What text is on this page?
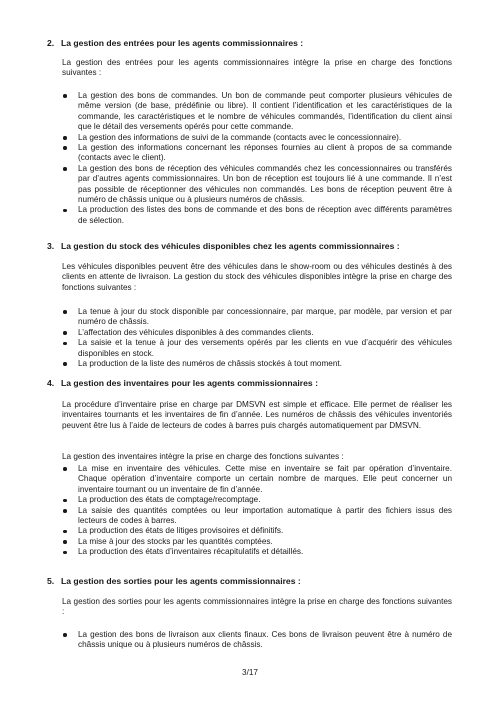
2. La gestion des entrées pour les agents commissionnaires :
La gestion des entrées pour les agents commissionnaires intègre la prise en charge des fonctions suivantes :
La gestion des bons de commandes. Un bon de commande peut comporter plusieurs véhicules de même version (de base, prédéfinie ou libre). Il contient l’identification et les caractéristiques de la commande, les caractéristiques et le nombre de véhicules commandés, l’identification du client ainsi que le détail des versements opérés pour cette commande.
La gestion des informations de suivi de la commande (contacts avec le concessionnaire).
La gestion des informations concernant les réponses fournies au client à propos de sa commande (contacts avec le client).
La gestion des bons de réception des véhicules commandés chez les concessionnaires ou transférés par d’autres agents commissionnaires. Un bon de réception est toujours lié à une commande. Il n’est pas possible de réceptionner des véhicules non commandés. Les bons de réception peuvent être à numéro de châssis unique ou à plusieurs numéros de châssis.
La production des listes des bons de commande et des bons de réception avec différents paramètres de sélection.
3. La gestion du stock des véhicules disponibles chez les agents commissionnaires :
Les véhicules disponibles peuvent être des véhicules dans le show-room ou des véhicules destinés à des clients en attente de livraison. La gestion du stock des véhicules disponibles intègre la prise en charge des fonctions suivantes :
La tenue à jour du stock disponible par concessionnaire, par marque, par modèle, par version et par numéro de châssis.
L’affectation des véhicules disponibles à des commandes clients.
La saisie et la tenue à jour des versements opérés par les clients en vue d’acquérir des véhicules disponibles en stock.
La production de la liste des numéros de châssis stockés à tout moment.
4. La gestion des inventaires pour les agents commissionnaires :
La procédure d’inventaire prise en charge par DMSVN est simple et efficace. Elle permet de réaliser les inventaires tournants et les inventaires de fin d’année. Les numéros de châssis des véhicules inventoriés peuvent être lus à l’aide de lecteurs de codes à barres puis chargés automatiquement par DMSVN.
La gestion des inventaires intègre la prise en charge des fonctions suivantes :
La mise en inventaire des véhicules. Cette mise en inventaire se fait par opération d’inventaire. Chaque opération d’inventaire comporte un certain nombre de marques. Elle peut concerner un inventaire tournant ou un inventaire de fin d’année.
La production des états de comptage/recomptage.
La saisie des quantités comptées ou leur importation automatique à partir des fichiers issus des lecteurs de codes à barres.
La production des états de litiges provisoires et définitifs.
La mise à jour des stocks par les quantités comptées.
La production des états d’inventaires récapitulatifs et détaillés.
5. La gestion des sorties pour les agents commissionnaires :
La gestion des sorties pour les agents commissionnaires intègre la prise en charge des fonctions suivantes :
La gestion des bons de livraison aux clients finaux. Ces bons de livraison peuvent être à numéro de châssis unique ou à plusieurs numéros de châssis.
3/17
